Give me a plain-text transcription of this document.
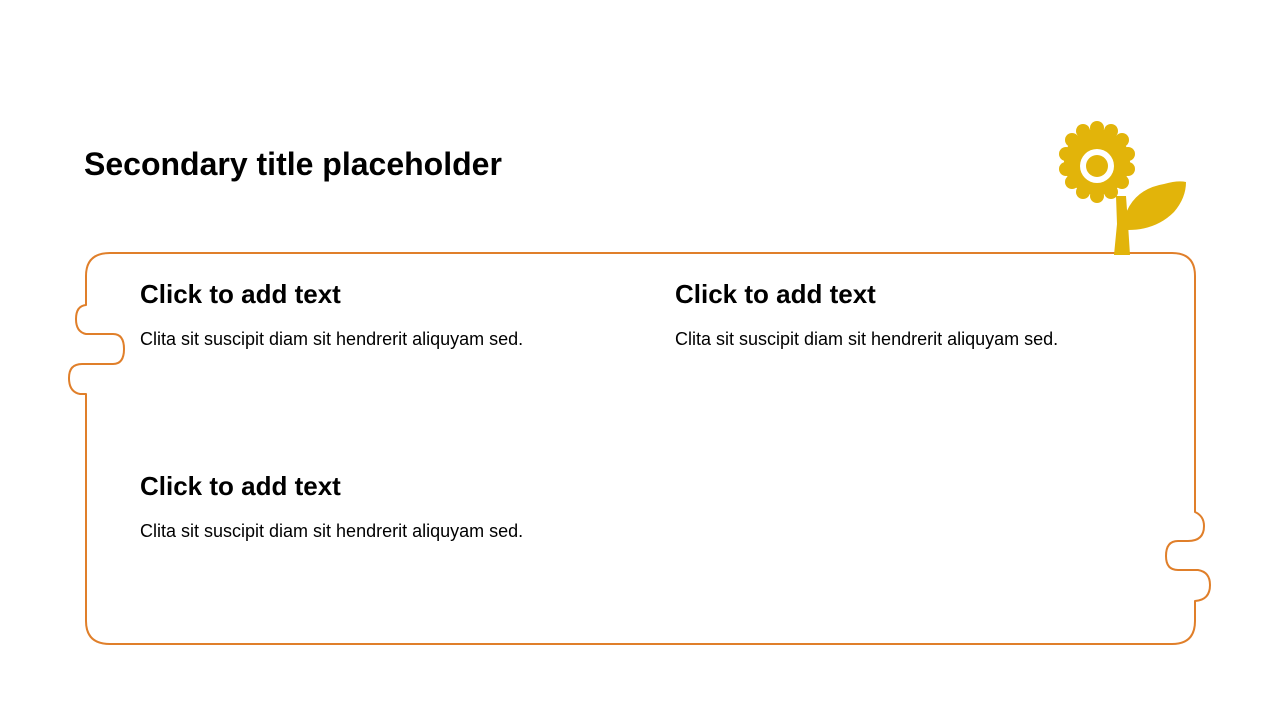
Secondary title placeholder
Click to add text

Clita sit suscipit diam sit hendrerit aliquyam sed.

Click to add text

Clita sit suscipit diam sit hendrerit aliquyam sed.

Click to add text

Clita sit suscipit diam sit hendrerit aliquyam sed.
